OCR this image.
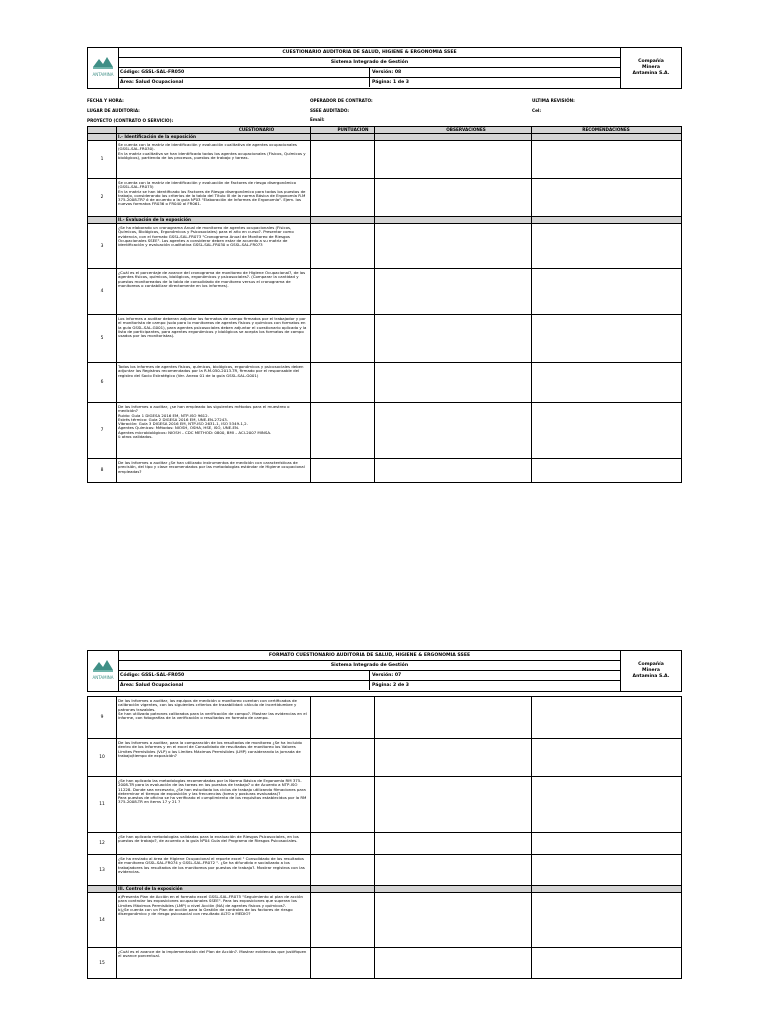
ANTAMINA
CUESTIONARIO AUDITORIA DE SALUD, HIGIENE & ERGONOMIA SSEE
Sistema Integrado de Gestión
Código: GSSL-SAL-FR050	Versión: 08
Área: Salud Ocupacional	Página: 1 de 3
Compañía
Minera
Antamina S.A.
FECHA Y HORA:
LUGAR DE AUDITORIA:
PROYECTO (CONTRATO O SERVICIO):
OPERADOR DE CONTRATO:
SSEE AUDITADO:
Email:
ULTIMA REVISIÓN:
Cel:
CUESTIONARIO	PUNTUACION	OBSERVACIONES	RECOMENDACIONES
I.- Identificación de la exposición
1
Se cuenta con la matriz de identificación y evaluación cualitativa de agentes ocupacionales (GSSL-SAL-FR030).
En la matriz cualitativa se han identificado todos los agentes ocupacionales (Físicos, Químicos y biológicos), partiendo de los procesos, puestos de trabajo y tareas.
2
Se cuenta con la matriz de identificación y evaluación de Factores de riesgo disergonómico (GSSL-SAL-FR075)
En la matriz se han identificado los Factores de Riesgo disergonómico para todos los puestos de trabajo, considerando los criterios de la tabla del Título III de la norma Básica de Ergonomía R.M 375-2008-TR? ó de acuerdo a la guía Nº03 "Elaboración de Informes de Ergonomía". Ejem. los nuevos formatos FR036 o FR040 al FR061.
II.- Evaluación de la exposición
3
¿Se ha elaborado un cronograma Anual de monitoreo de agentes ocupacionales (Físicos, Químicos, Biológicos, Ergonómicos y Psicosociales) para el año en curso?. Presentar como evidencia, con el formato GSSL-SAL-FR073 "Cronograma Anual de Monitoreo de Riesgos Ocupacionales SSEE". Los agentes a considerar deben estar de acuerdo a su matriz de identificación y evaluación cualitativa GSSL-SAL-FR030 o GSSL-SAL-FR073
4
¿Cuál es el porcentaje de avance del cronograma de monitoreo de Higiene Ocupacional?, de los agentes físicos, químicos, biológicos, ergonómicos y psicosociales?. (Comparar la cantidad y puestos monitoreados de la tabla de consolidado de monitoreo versus el cronograma de monitoreos o contabilizar directamente en los informes).
5
Los informes a auditar deberan adjuntar los formatos de campo firmados por el trabajador y por el monitorista de campo (solo para lo monitoreos de agentes físicos y químicos con formatos en la guía GSSL-SAL-G001), para agentes psicosociales deben adjuntar el cuestionario aplicado y la lista de participantes, para agentes ergonómicos y biológicos se acepta los formatos de campo usados por los monitoristas).
6
Todos los informes de agentes físicos, químicos, biológicos, ergonómicos y psicosociales deben adjuntar los Registros recomendados por la R.M.050-2013-TR, firmado por el responsable del registro del Socio Estratégico (Ver. Anexo 01 de la guía GSSL-SAL-G001)
7
De los Informes a auditar, ¿se han empleado los siguientes métodos para el muestreo o medición?
Ruido: Guía 1 DIGESA 2016 EM, NTP-ISO 9612.
Estrés térmico: Guía 2 DIGESA 2016 EM, UNE-EN-27243.
Vibración: Guía 3 DIGESA 2016 EM, NTP-ISO 2631-1, ISO 5349-1,2.
Agentes Químicos: Métodos: NIOSH, OSHA, HSE, ISO, UNE-EN.
Agentes microbiológicos: NIOSH – CDC METHOD: 0800, BMI – ACI-2007 MINSA.
ü otros validados.
8
De los Informes a auditar ¿Se han utilizado instrumentos de medición con características de precisión, del tipo y clase recomendados por las metodologías estándar de Higiene ocupacional empleadas?
ANTAMINA
FORMATO CUESTIONARIO AUDITORIA DE SALUD, HIGIENE & ERGONOMIA SSEE
Sistema Integrado de Gestión
Código: GSSL-SAL-FR050	Versión: 07
Área: Salud Ocupacional	Página: 2 de 3
Compañía
Minera
Antamina S.A.
9
De los Informes a auditar, los equipos de medición o monitoreo cuentan con certificados de calibración vigentes, con los siguientes criterios de trazabilidad: cálculo de incertidumbre y patrones trazables.
Se han utilizado patrones calibrados para la verificación de campo?. Mostrar las evidencias en el informe, con fotografías de la verificación o resultados en formato de campo.
10
De los Informes a auditar, para la comparación de los resultados de monitoreo ¿Se ha incluido dentro de los Informes y en el excel de Consolidado de resultados de monitoreo los Valores Límites Permisibles (VLP) o los Límites Máximos Permisibles (LMP) considerando la jornada de trabajo/tiempo de exposición?
11
¿Se han aplicado las metodologías recomendadas por la Norma Básica de Ergonomía RM 375-2008-TR para la evaluación de las tareas en los puestos de trabajo? o de Acuerdo a NTP-ISO 11228. Donde sea necesario, ¿Se han estudiado los ciclos de trabajo utilizando filmaciones para determinar el tiempo de exposición y las frecuencias (toma y posturas evaluadas)?
Para puestos de oficina se ha verificado el cumplimiento de los requisitos establecidos por la RM 375-2008-TR en items 17 y 21 ?
12
¿Se han aplicado metodologías validadas para la evaluación de Riesgos Psicosociales, en los puestos de trabajo?, de acuerdo a la guía Nº04 Guía del Programa de Riesgos Psicosociales.
13
¿Se ha enviado al área de Higiene Ocupacional el reporte excel " Consolidado de los resultados de monitoreo GSSL-SAL-FR074 y GSSL-SAL-FR072 ". ¿Se ha difundido e socializado a los trabajadores los resultados de los monitoreos por puestos de trabajo?. Mostrar registros con las evidencias.
III. Control de la exposición
14
a)Presenta Plan de Acción en el formato excel GSSL-SAL-FR075 "Seguimiento al plan de acción para controlar las exposiciones ocupacionales SSEE". Para las exposiciones que superan los Límites Máximos Permisibles (LMP) o nivel Acción (NA) de agentes físicos y químicos?.
b)¿Se cuenta con un Plan de acción para la Gestión de controles de los factores de riesgo disergonómico y de riesgo psicosocial con resultado ALTO o MEDIO?
15
¿Cuál es el avance de la implementación del Plan de Acción?. Mostrar evidencias que justifiquen el avance porcentual.
